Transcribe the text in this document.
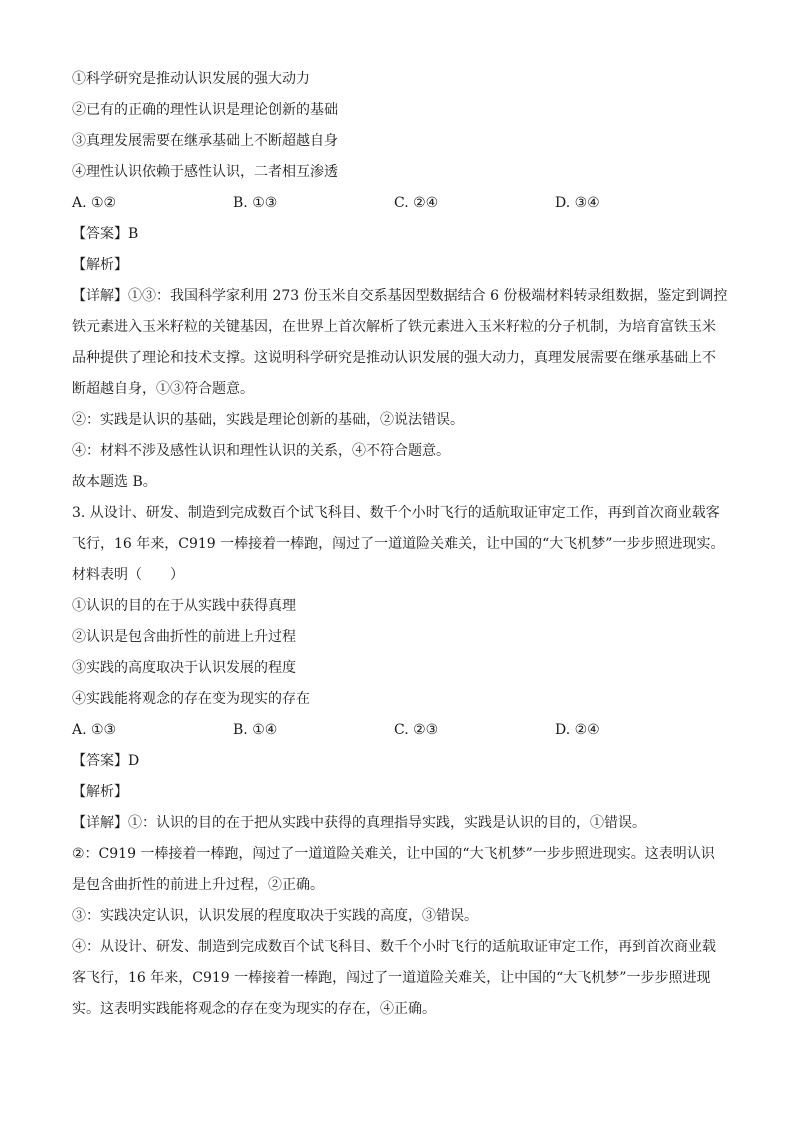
①科学研究是推动认识发展的强大动力
②已有的正确的理性认识是理论创新的基础
③真理发展需要在继承基础上不断超越自身
④理性认识依赖于感性认识，二者相互渗透
A. ①②	B. ①③	C. ②④	D. ③④
【答案】B
【解析】
【详解】①③：我国科学家利用 273 份玉米自交系基因型数据结合 6 份极端材料转录组数据，鉴定到调控
铁元素进入玉米籽粒的关键基因，在世界上首次解析了铁元素进入玉米籽粒的分子机制，为培育富铁玉米
品种提供了理论和技术支撑。这说明科学研究是推动认识发展的强大动力，真理发展需要在继承基础上不
断超越自身，①③符合题意。
②：实践是认识的基础，实践是理论创新的基础，②说法错误。
④：材料不涉及感性认识和理性认识的关系，④不符合题意。
故本题选 B。
3. 从设计、研发、制造到完成数百个试飞科目、数千个小时飞行的适航取证审定工作，再到首次商业载客
飞行，16 年来，C919 一棒接着一棒跑，闯过了一道道险关难关，让中国的“大飞机梦”一步步照进现实。
材料表明（　　）
①认识的目的在于从实践中获得真理
②认识是包含曲折性的前进上升过程
③实践的高度取决于认识发展的程度
④实践能将观念的存在变为现实的存在
A. ①③	B. ①④	C. ②③	D. ②④
【答案】D
【解析】
【详解】①：认识的目的在于把从实践中获得的真理指导实践，实践是认识的目的，①错误。
②：C919 一棒接着一棒跑，闯过了一道道险关难关，让中国的“大飞机梦”一步步照进现实。这表明认识
是包含曲折性的前进上升过程，②正确。
③：实践决定认识，认识发展的程度取决于实践的高度，③错误。
④：从设计、研发、制造到完成数百个试飞科目、数千个小时飞行的适航取证审定工作，再到首次商业载
客飞行，16 年来，C919 一棒接着一棒跑，闯过了一道道险关难关，让中国的“大飞机梦”一步步照进现
实。这表明实践能将观念的存在变为现实的存在，④正确。
